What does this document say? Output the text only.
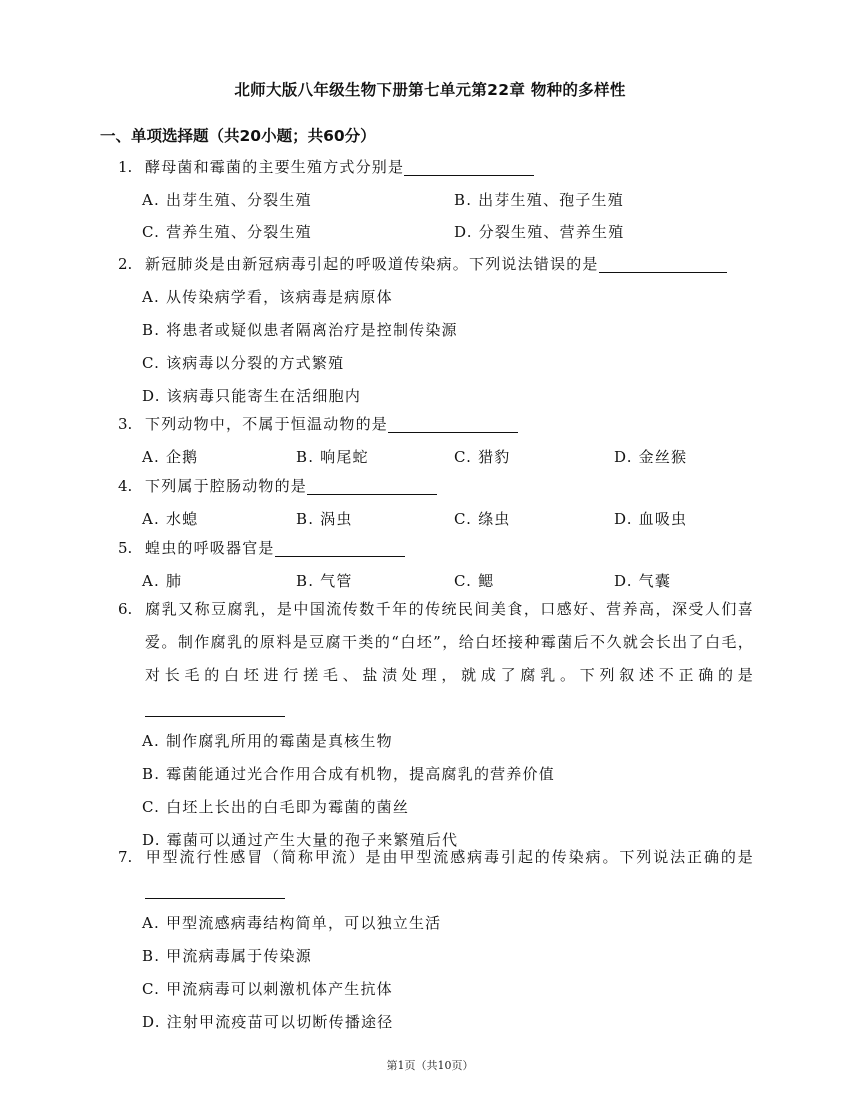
北师大版八年级生物下册第七单元第22章 物种的多样性
一、单项选择题（共20小题；共60分）
1. 酵母菌和霉菌的主要生殖方式分别是
A. 出芽生殖、分裂生殖	B. 出芽生殖、孢子生殖
C. 营养生殖、分裂生殖	D. 分裂生殖、营养生殖
2. 新冠肺炎是由新冠病毒引起的呼吸道传染病。下列说法错误的是
A. 从传染病学看，该病毒是病原体
B. 将患者或疑似患者隔离治疗是控制传染源
C. 该病毒以分裂的方式繁殖
D. 该病毒只能寄生在活细胞内
3. 下列动物中，不属于恒温动物的是
A. 企鹅	B. 响尾蛇	C. 猎豹	D. 金丝猴
4. 下列属于腔肠动物的是
A. 水螅	B. 涡虫	C. 绦虫	D. 血吸虫
5. 蝗虫的呼吸器官是
A. 肺	B. 气管	C. 鳃	D. 气囊
6. 腐乳又称豆腐乳，是中国流传数千年的传统民间美食，口感好、营养高，深受人们喜爱。制作腐乳的原料是豆腐干类的“白坯”，给白坯接种霉菌后不久就会长出了白毛，对长毛的白坯进行搓毛、盐渍处理，就成了腐乳。下列叙述不正确的是
A. 制作腐乳所用的霉菌是真核生物
B. 霉菌能通过光合作用合成有机物，提高腐乳的营养价值
C. 白坯上长出的白毛即为霉菌的菌丝
D. 霉菌可以通过产生大量的孢子来繁殖后代
7. 甲型流行性感冒（简称甲流）是由甲型流感病毒引起的传染病。下列说法正确的是
A. 甲型流感病毒结构简单，可以独立生活
B. 甲流病毒属于传染源
C. 甲流病毒可以刺激机体产生抗体
D. 注射甲流疫苗可以切断传播途径
第1页（共10页）
